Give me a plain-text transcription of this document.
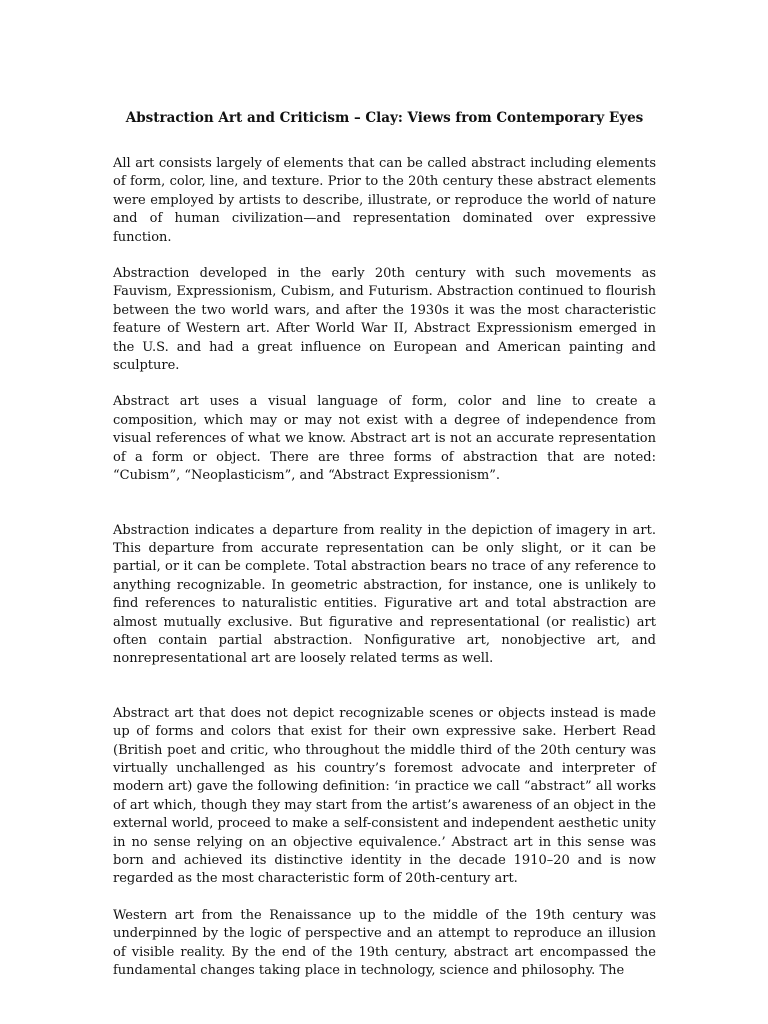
Abstraction Art and Criticism – Clay: Views from Contemporary Eyes

All art consists largely of elements that can be called abstract including elements of form, color, line, and texture. Prior to the 20th century these abstract elements were employed by artists to describe, illustrate, or reproduce the world of nature and of human civilization—and representation dominated over expressive function.

Abstraction developed in the early 20th century with such movements as Fauvism, Expressionism, Cubism, and Futurism. Abstraction continued to flourish between the two world wars, and after the 1930s it was the most characteristic feature of Western art. After World War II, Abstract Expressionism emerged in the U.S. and had a great influence on European and American painting and sculpture.

Abstract art uses a visual language of form, color and line to create a composition, which may or may not exist with a degree of independence from visual references of what we know. Abstract art is not an accurate representation of a form or object. There are three forms of abstraction that are noted: “Cubism”, “Neoplasticism”, and “Abstract Expressionism”.

Abstraction indicates a departure from reality in the depiction of imagery in art. This departure from accurate representation can be only slight, or it can be partial, or it can be complete. Total abstraction bears no trace of any reference to anything recognizable. In geometric abstraction, for instance, one is unlikely to find references to naturalistic entities. Figurative art and total abstraction are almost mutually exclusive. But figurative and representational (or realistic) art often contain partial abstraction. Nonfigurative art, nonobjective art, and nonrepresentational art are loosely related terms as well.

Abstract art that does not depict recognizable scenes or objects instead is made up of forms and colors that exist for their own expressive sake. Herbert Read (British poet and critic, who throughout the middle third of the 20th century was virtually unchallenged as his country’s foremost advocate and interpreter of modern art) gave the following definition: ‘in practice we call “abstract” all works of art which, though they may start from the artist’s awareness of an object in the external world, proceed to make a self-consistent and independent aesthetic unity in no sense relying on an objective equivalence.’ Abstract art in this sense was born and achieved its distinctive identity in the decade 1910–20 and is now regarded as the most characteristic form of 20th-century art.

Western art from the Renaissance up to the middle of the 19th century was underpinned by the logic of perspective and an attempt to reproduce an illusion of visible reality. By the end of the 19th century, abstract art encompassed the fundamental changes taking place in technology, science and philosophy. The
